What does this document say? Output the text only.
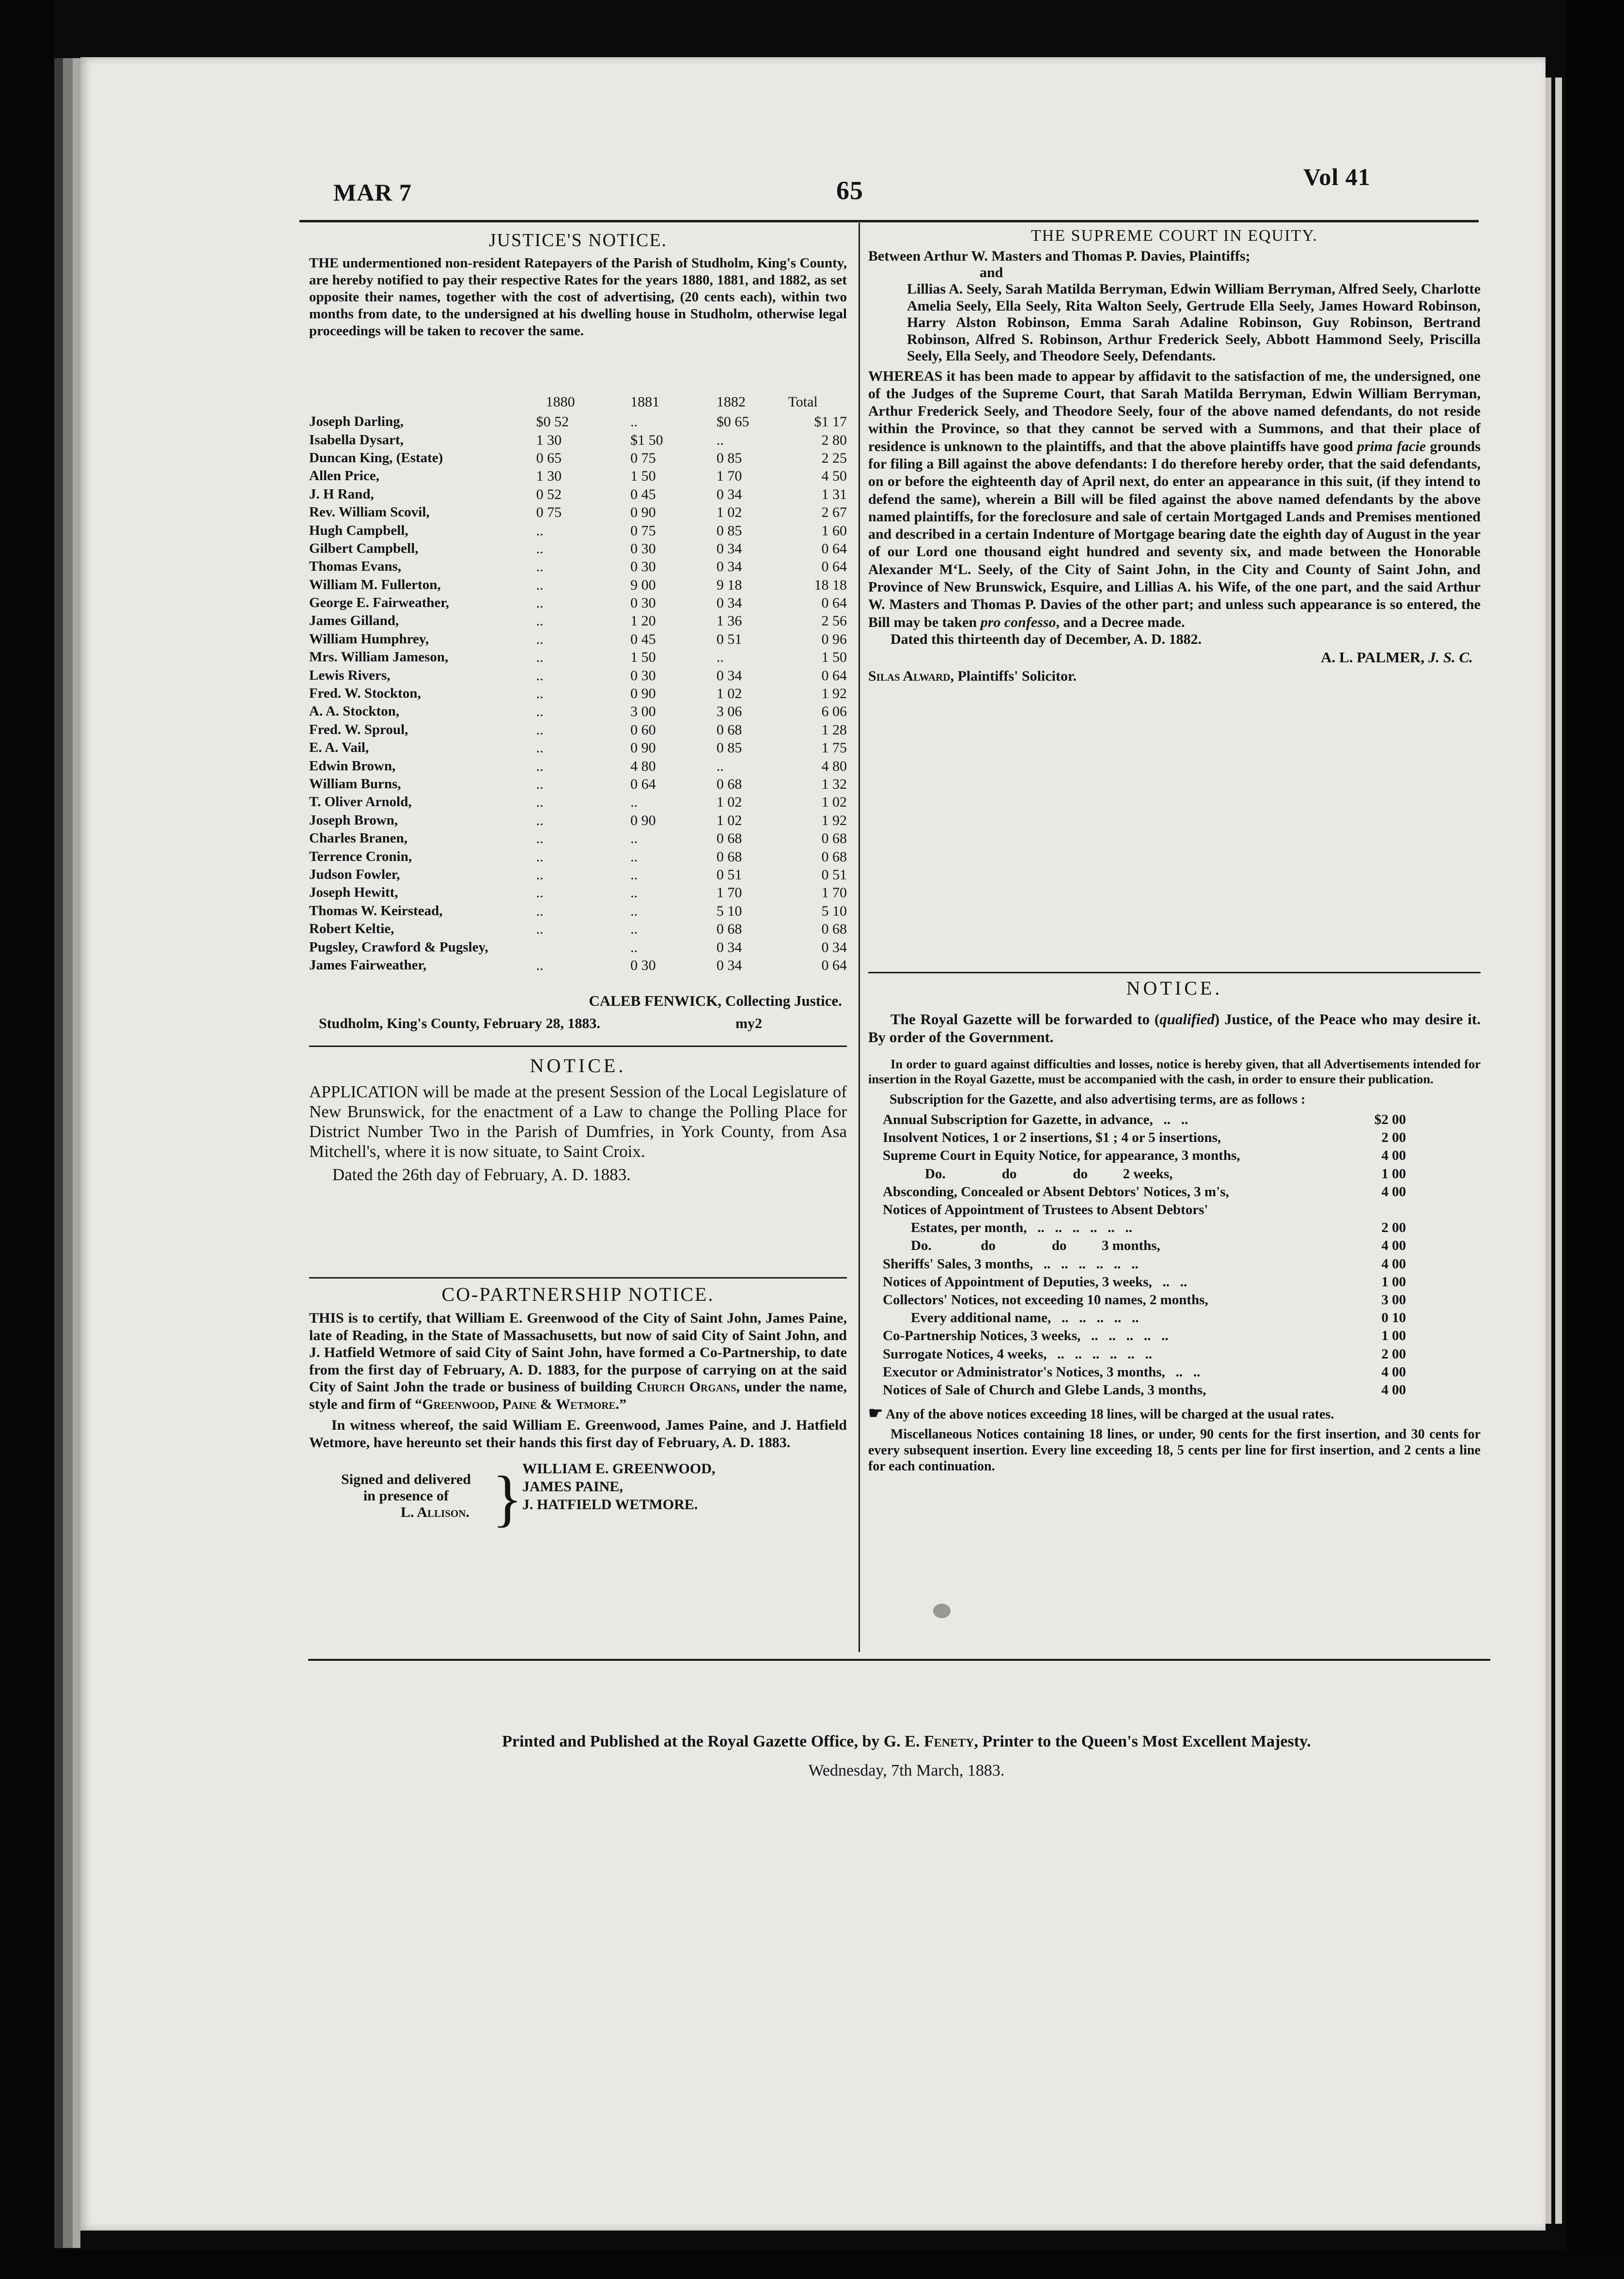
MAR 7	65	Vol 41
JUSTICE'S NOTICE.
THE undermentioned non-resident Ratepayers of the Parish of Studholm, King's County, are hereby notified to pay their respective Rates for the years 1880, 1881, and 1882, as set opposite their names, together with the cost of advertising, (20 cents each), within two months from date, to the undersigned at his dwelling house in Studholm, otherwise legal proceedings will be taken to recover the same.
	1880	1881	1882	Total
Joseph Darling,	$0 52	..	$0 65	$1 17
Isabella Dysart,	1 30	$1 50	..	2 80
Duncan King, (Estate)	0 65	0 75	0 85	2 25
Allen Price,	1 30	1 50	1 70	4 50
J. H Rand,	0 52	0 45	0 34	1 31
Rev. William Scovil,	0 75	0 90	1 02	2 67
Hugh Campbell,	..	0 75	0 85	1 60
Gilbert Campbell,	..	0 30	0 34	0 64
Thomas Evans,	..	0 30	0 34	0 64
William M. Fullerton,	..	9 00	9 18	18 18
George E. Fairweather,	..	0 30	0 34	0 64
James Gilland,	..	1 20	1 36	2 56
William Humphrey,	..	0 45	0 51	0 96
Mrs. William Jameson,	..	1 50	..	1 50
Lewis Rivers,	..	0 30	0 34	0 64
Fred. W. Stockton,	..	0 90	1 02	1 92
A. A. Stockton,	..	3 00	3 06	6 06
Fred. W. Sproul,	..	0 60	0 68	1 28
E. A. Vail,	..	0 90	0 85	1 75
Edwin Brown,	..	4 80	..	4 80
William Burns,	..	0 64	0 68	1 32
T. Oliver Arnold,	..	..	1 02	1 02
Joseph Brown,	..	0 90	1 02	1 92
Charles Branen,	..	..	0 68	0 68
Terrence Cronin,	..	..	0 68	0 68
Judson Fowler,	..	..	0 51	0 51
Joseph Hewitt,	..	..	1 70	1 70
Thomas W. Keirstead,	..	..	5 10	5 10
Robert Keltie,	..	..	0 68	0 68
Pugsley, Crawford & Pugsley,		..	0 34	0 34
James Fairweather,	..	0 30	0 34	0 64
CALEB FENWICK, Collecting Justice.
Studholm, King's County, February 28, 1883.	my2
NOTICE.
APPLICATION will be made at the present Session of the Local Legislature of New Brunswick, for the enactment of a Law to change the Polling Place for District Number Two in the Parish of Dumfries, in York County, from Asa Mitchell's, where it is now situate, to Saint Croix.
Dated the 26th day of February, A. D. 1883.
CO-PARTNERSHIP NOTICE.
THIS is to certify, that William E. Greenwood of the City of Saint John, James Paine, late of Reading, in the State of Massachusetts, but now of said City of Saint John, and J. Hatfield Wetmore of said City of Saint John, have formed a Co-Partnership, to date from the first day of February, A. D. 1883, for the purpose of carrying on at the said City of Saint John the trade or business of building Church Organs, under the name, style and firm of “Greenwood, Paine & Wetmore.”
In witness whereof, the said William E. Greenwood, James Paine, and J. Hatfield Wetmore, have hereunto set their hands this first day of February, A. D. 1883.
Signed and delivered
in presence of
L. Allison. } WILLIAM E. GREENWOOD,
JAMES PAINE,
J. HATFIELD WETMORE.
THE SUPREME COURT IN EQUITY.
Between Arthur W. Masters and Thomas P. Davies, Plaintiffs;
and
Lillias A. Seely, Sarah Matilda Berryman, Edwin William Berryman, Alfred Seely, Charlotte Amelia Seely, Ella Seely, Rita Walton Seely, Gertrude Ella Seely, James Howard Robinson, Harry Alston Robinson, Emma Sarah Adaline Robinson, Guy Robinson, Bertrand Robinson, Alfred S. Robinson, Arthur Frederick Seely, Abbott Hammond Seely, Priscilla Seely, Ella Seely, and Theodore Seely, Defendants.
WHEREAS it has been made to appear by affidavit to the satisfaction of me, the undersigned, one of the Judges of the Supreme Court, that Sarah Matilda Berryman, Edwin William Berryman, Arthur Frederick Seely, and Theodore Seely, four of the above named defendants, do not reside within the Province, so that they cannot be served with a Summons, and that their place of residence is unknown to the plaintiffs, and that the above plaintiffs have good prima facie grounds for filing a Bill against the above defendants: I do therefore hereby order, that the said defendants, on or before the eighteenth day of April next, do enter an appearance in this suit, (if they intend to defend the same), wherein a Bill will be filed against the above named defendants by the above named plaintiffs, for the foreclosure and sale of certain Mortgaged Lands and Premises mentioned and described in a certain Indenture of Mortgage bearing date the eighth day of August in the year of our Lord one thousand eight hundred and seventy six, and made between the Honorable Alexander M‘L. Seely, of the City of Saint John, in the City and County of Saint John, and Province of New Brunswick, Esquire, and Lillias A. his Wife, of the one part, and the said Arthur W. Masters and Thomas P. Davies of the other part; and unless such appearance is so entered, the Bill may be taken pro confesso, and a Decree made.
Dated this thirteenth day of December, A. D. 1882.
A. L. PALMER, J. S. C.
Silas Alward, Plaintiffs' Solicitor.
NOTICE.
The Royal Gazette will be forwarded to (qualified) Justice, of the Peace who may desire it. By order of the Government.
In order to guard against difficulties and losses, notice is hereby given, that all Advertisements intended for insertion in the Royal Gazette, must be accompanied with the cash, in order to ensure their publication.
Subscription for the Gazette, and also advertising terms, are as follows :
Annual Subscription for Gazette, in advance,   ..   ..	$2 00
Insolvent Notices, 1 or 2 insertions, $1 ; 4 or 5 insertions,	2 00
Supreme Court in Equity Notice, for appearance, 3 months,	4 00
Do.                do                do          2 weeks,	1 00
Absconding, Concealed or Absent Debtors' Notices, 3 m's,	4 00
Notices of Appointment of Trustees to Absent Debtors'
Estates, per month,   ..   ..   ..   ..   ..   ..	2 00
Do.              do                do          3 months,	4 00
Sheriffs' Sales, 3 months,   ..   ..   ..   ..   ..   ..	4 00
Notices of Appointment of Deputies, 3 weeks,   ..   ..	1 00
Collectors' Notices, not exceeding 10 names, 2 months,	3 00
Every additional name,   ..   ..   ..   ..   ..	0 10
Co-Partnership Notices, 3 weeks,   ..   ..   ..   ..   ..	1 00
Surrogate Notices, 4 weeks,   ..   ..   ..   ..   ..   ..	2 00
Executor or Administrator's Notices, 3 months,   ..   ..	4 00
Notices of Sale of Church and Glebe Lands, 3 months,	4 00
☛ Any of the above notices exceeding 18 lines, will be charged at the usual rates.
Miscellaneous Notices containing 18 lines, or under, 90 cents for the first insertion, and 30 cents for every subsequent insertion. Every line exceeding 18, 5 cents per line for first insertion, and 2 cents a line for each continuation.
Printed and Published at the Royal Gazette Office, by G. E. Fenety, Printer to the Queen's Most Excellent Majesty.
Wednesday, 7th March, 1883.
